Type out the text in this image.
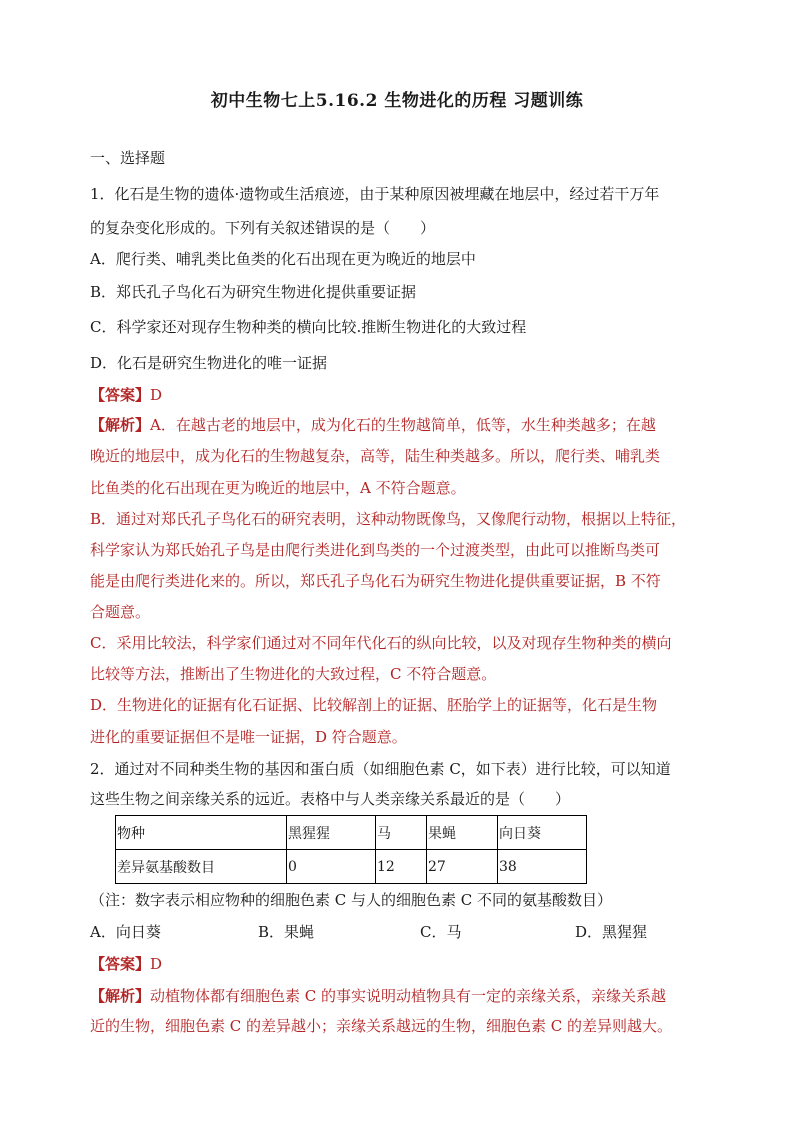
初中生物七上5.16.2 生物进化的历程 习题训练
一、选择题
1．化石是生物的遗体·遗物或生活痕迹，由于某种原因被埋藏在地层中，经过若干万年
的复杂变化形成的。下列有关叙述错误的是（　　）
A．爬行类、哺乳类比鱼类的化石出现在更为晚近的地层中
B．郑氏孔子鸟化石为研究生物进化提供重要证据
C．科学家还对现存生物种类的横向比较.推断生物进化的大致过程
D．化石是研究生物进化的唯一证据
【答案】D
【解析】A．在越古老的地层中，成为化石的生物越简单，低等，水生种类越多；在越
晚近的地层中，成为化石的生物越复杂，高等，陆生种类越多。所以，爬行类、哺乳类
比鱼类的化石出现在更为晚近的地层中，A 不符合题意。
B．通过对郑氏孔子鸟化石的研究表明，这种动物既像鸟，又像爬行动物，根据以上特征，
科学家认为郑氏始孔子鸟是由爬行类进化到鸟类的一个过渡类型，由此可以推断鸟类可
能是由爬行类进化来的。所以，郑氏孔子鸟化石为研究生物进化提供重要证据，B 不符
合题意。
C．采用比较法，科学家们通过对不同年代化石的纵向比较，以及对现存生物种类的横向
比较等方法，推断出了生物进化的大致过程，C 不符合题意。
D．生物进化的证据有化石证据、比较解剖上的证据、胚胎学上的证据等，化石是生物
进化的重要证据但不是唯一证据，D 符合题意。
2．通过对不同种类生物的基因和蛋白质（如细胞色素 C，如下表）进行比较，可以知道
这些生物之间亲缘关系的远近。表格中与人类亲缘关系最近的是（　　）
物种	黑猩猩	马	果蝇	向日葵
差异氨基酸数目	0	12	27	38
（注：数字表示相应物种的细胞色素 C 与人的细胞色素 C 不同的氨基酸数目）
A．向日葵	B．果蝇	C．马	D．黑猩猩
【答案】D
【解析】动植物体都有细胞色素 C 的事实说明动植物具有一定的亲缘关系，亲缘关系越
近的生物，细胞色素 C 的差异越小；亲缘关系越远的生物，细胞色素 C 的差异则越大。
